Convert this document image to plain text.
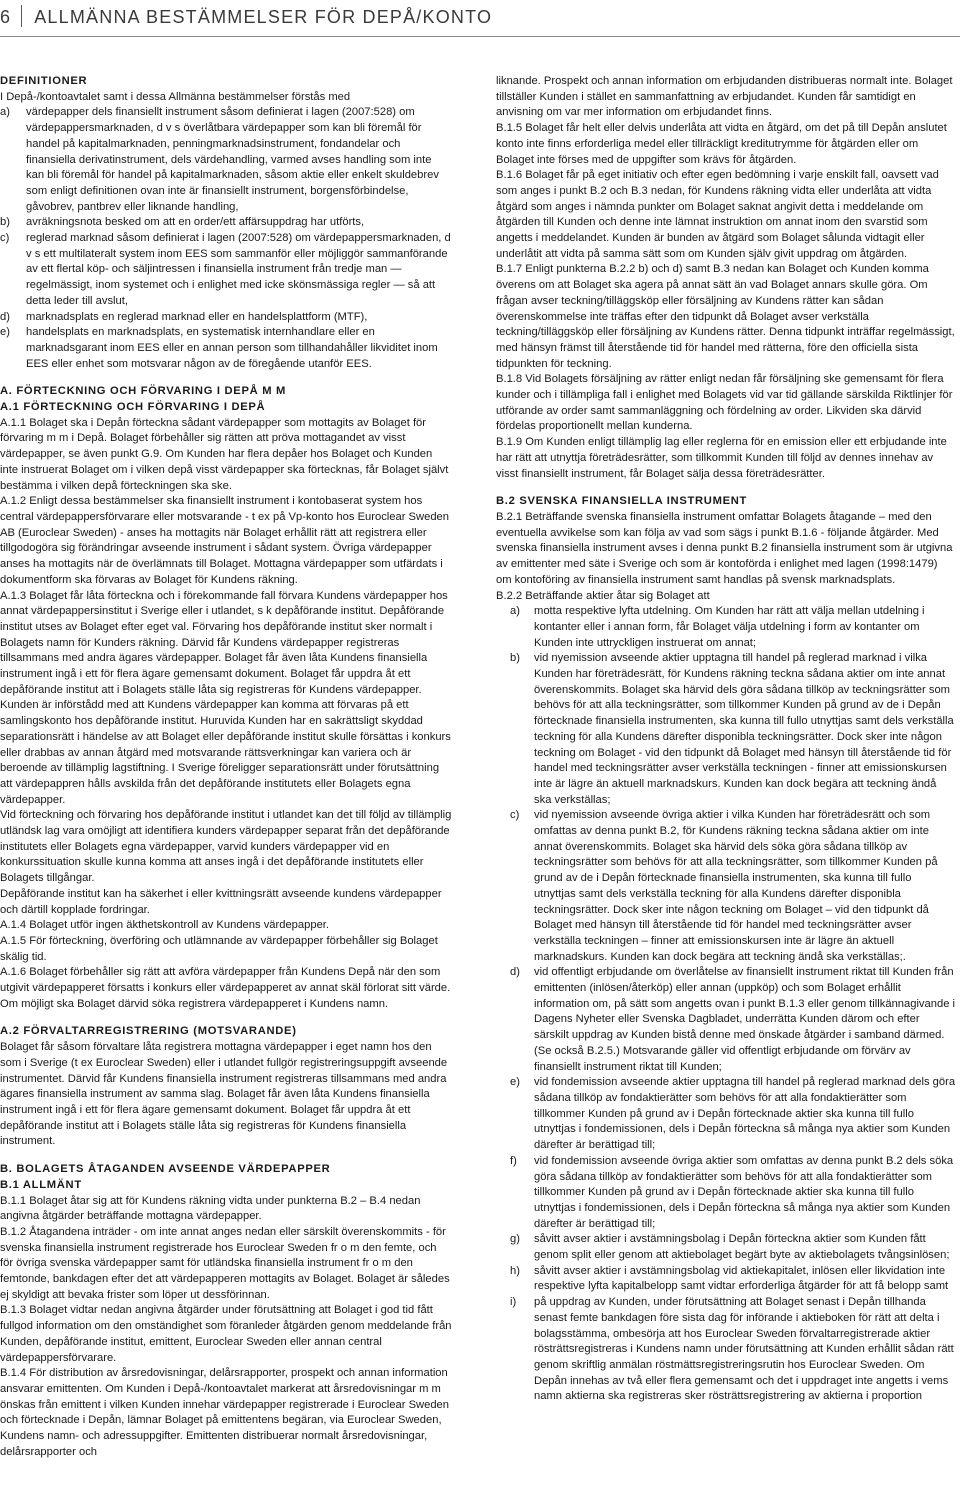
6 ALLMÄNNA BESTÄMMELSER FÖR DEPÅ/KONTO

DEFINITIONER

I Depå-/kontoavtalet samt i dessa Allmänna bestämmelser förstås med

a)	värdepapper dels finansiellt instrument såsom definierat i lagen (2007:528) om värdepappersmarknaden, d v s överlåtbara värdepapper som kan bli föremål för handel på kapitalmarknaden, penningmarknadsinstrument, fondandelar och finansiella derivatinstrument, dels värdehandling, varmed avses handling som inte kan bli föremål för handel på kapitalmarknaden, såsom aktie eller enkelt skuldebrev som enligt definitionen ovan inte är finansiellt instrument, borgensförbindelse, gåvobrev, pantbrev eller liknande handling,
b)	avräkningsnota besked om att en order/ett affärsuppdrag har utförts,
c)	reglerad marknad såsom definierat i lagen (2007:528) om värdepappersmarknaden, d v s ett multilateralt system inom EES som sammanför eller möjliggör sammanförande av ett flertal köp- och säljintressen i finansiella instrument från tredje man — regelmässigt, inom systemet och i enlighet med icke skönsmässiga regler — så att detta leder till avslut,
d)	marknadsplats en reglerad marknad eller en handelsplattform (MTF),
e)	handelsplats en marknadsplats, en systematisk internhandlare eller en marknadsgarant inom EES eller en annan person som tillhandahåller likviditet inom EES eller enhet som motsvarar någon av de föregående utanför EES.

A. FÖRTECKNING OCH FÖRVARING I DEPÅ M M

A.1 FÖRTECKNING OCH FÖRVARING I DEPÅ

A.1.1 Bolaget ska i Depån förteckna sådant värdepapper som mottagits av Bolaget för förvaring m m i Depå. Bolaget förbehåller sig rätten att pröva mottagandet av visst värdepapper, se även punkt G.9. Om Kunden har flera depåer hos Bolaget och Kunden inte instruerat Bolaget om i vilken depå visst värdepapper ska förtecknas, får Bolaget självt bestämma i vilken depå förteckningen ska ske.

A.1.2 Enligt dessa bestämmelser ska finansiellt instrument i kontobaserat system hos central värdepappersförvarare eller motsvarande - t ex på Vp-konto hos Euroclear Sweden AB (Euroclear Sweden) - anses ha mottagits när Bolaget erhållit rätt att registrera eller tillgodogöra sig förändringar avseende instrument i sådant system. Övriga värdepapper anses ha mottagits när de överlämnats till Bolaget. Mottagna värdepapper som utfärdats i dokumentform ska förvaras av Bolaget för Kundens räkning.

A.1.3 Bolaget får låta förteckna och i förekommande fall förvara Kundens värdepapper hos annat värdepappersinstitut i Sverige eller i utlandet, s k depåförande institut. Depåförande institut utses av Bolaget efter eget val. Förvaring hos depåförande institut sker normalt i Bolagets namn för Kunders räkning. Därvid får Kundens värdepapper registreras tillsammans med andra ägares värdepapper. Bolaget får även låta Kundens finansiella instrument ingå i ett för flera ägare gemensamt dokument. Bolaget får uppdra åt ett depåförande institut att i Bolagets ställe låta sig registreras för Kundens värdepapper. Kunden är införstådd med att Kundens värdepapper kan komma att förvaras på ett samlingskonto hos depåförande institut. Huruvida Kunden har en sakrättsligt skyddad separationsrätt i händelse av att Bolaget eller depåförande institut skulle försättas i konkurs eller drabbas av annan åtgärd med motsvarande rättsverkningar kan variera och är beroende av tillämplig lagstiftning. I Sverige föreligger separationsrätt under förutsättning att värdepappren hålls avskilda från det depåförande institutets eller Bolagets egna värdepapper.

Vid förteckning och förvaring hos depåförande institut i utlandet kan det till följd av tillämplig utländsk lag vara omöjligt att identifiera kunders värdepapper separat från det depåförande institutets eller Bolagets egna värdepapper, varvid kunders värdepapper vid en konkurssituation skulle kunna komma att anses ingå i det depåförande institutets eller Bolagets tillgångar.

Depåförande institut kan ha säkerhet i eller kvittningsrätt avseende kundens värdepapper och därtill kopplade fordringar.

A.1.4 Bolaget utför ingen äkthetskontroll av Kundens värdepapper.

A.1.5 För förteckning, överföring och utlämnande av värdepapper förbehåller sig Bolaget skälig tid.

A.1.6 Bolaget förbehåller sig rätt att avföra värdepapper från Kundens Depå när den som utgivit värdepapperet försatts i konkurs eller värdepapperet av annat skäl förlorat sitt värde. Om möjligt ska Bolaget därvid söka registrera värdepapperet i Kundens namn.

A.2 FÖRVALTARREGISTRERING (MOTSVARANDE)

Bolaget får såsom förvaltare låta registrera mottagna värdepapper i eget namn hos den som i Sverige (t ex Euroclear Sweden) eller i utlandet fullgör registreringsuppgift avseende instrumentet. Därvid får Kundens finansiella instrument registreras tillsammans med andra ägares finansiella instrument av samma slag. Bolaget får även låta Kundens finansiella instrument ingå i ett för flera ägare gemensamt dokument. Bolaget får uppdra åt ett depåförande institut att i Bolagets ställe låta sig registreras för Kundens finansiella instrument.

B. BOLAGETS ÅTAGANDEN AVSEENDE VÄRDEPAPPER

B.1 ALLMÄNT

B.1.1 Bolaget åtar sig att för Kundens räkning vidta under punkterna B.2 – B.4 nedan angivna åtgärder beträffande mottagna värdepapper.

B.1.2 Åtagandena inträder - om inte annat anges nedan eller särskilt överenskommits - för svenska finansiella instrument registrerade hos Euroclear Sweden fr o m den femte, och för övriga svenska värdepapper samt för utländska finansiella instrument fr o m den femtonde, bankdagen efter det att värdepapperen mottagits av Bolaget. Bolaget är således ej skyldigt att bevaka frister som löper ut dessförinnan.

B.1.3 Bolaget vidtar nedan angivna åtgärder under förutsättning att Bolaget i god tid fått fullgod information om den omständighet som föranleder åtgärden genom meddelande från Kunden, depåförande institut, emittent, Euroclear Sweden eller annan central värdepappersförvarare.

B.1.4 För distribution av årsredovisningar, delårsrapporter, prospekt och annan information ansvarar emittenten. Om Kunden i Depå-/kontoavtalet markerat att årsredovisningar m m önskas från emittent i vilken Kunden innehar värdepapper registrerade i Euroclear Sweden och förtecknade i Depån, lämnar Bolaget på emittentens begäran, via Euroclear Sweden, Kundens namn- och adressuppgifter. Emittenten distribuerar normalt årsredovisningar, delårsrapporter och

liknande. Prospekt och annan information om erbjudanden distribueras normalt inte. Bolaget tillställer Kunden i stället en sammanfattning av erbjudandet. Kunden får samtidigt en anvisning om var mer information om erbjudandet finns.

B.1.5 Bolaget får helt eller delvis underlåta att vidta en åtgärd, om det på till Depån anslutet konto inte finns erforderliga medel eller tillräckligt kreditutrymme för åtgärden eller om Bolaget inte förses med de uppgifter som krävs för åtgärden.

B.1.6 Bolaget får på eget initiativ och efter egen bedömning i varje enskilt fall, oavsett vad som anges i punkt B.2 och B.3 nedan, för Kundens räkning vidta eller underlåta att vidta åtgärd som anges i nämnda punkter om Bolaget saknat angivit detta i meddelande om åtgärden till Kunden och denne inte lämnat instruktion om annat inom den svarstid som angetts i meddelandet. Kunden är bunden av åtgärd som Bolaget sålunda vidtagit eller underlåtit att vidta på samma sätt som om Kunden själv givit uppdrag om åtgärden.

B.1.7 Enligt punkterna B.2.2 b) och d) samt B.3 nedan kan Bolaget och Kunden komma överens om att Bolaget ska agera på annat sätt än vad Bolaget annars skulle göra. Om frågan avser teckning/tilläggsköp eller försäljning av Kundens rätter kan sådan överenskommelse inte träffas efter den tidpunkt då Bolaget avser verkställa teckning/tilläggsköp eller försäljning av Kundens rätter. Denna tidpunkt inträffar regelmässigt, med hänsyn främst till återstående tid för handel med rätterna, före den officiella sista tidpunkten för teckning.

B.1.8 Vid Bolagets försäljning av rätter enligt nedan får försäljning ske gemensamt för flera kunder och i tillämpliga fall i enlighet med Bolagets vid var tid gällande särskilda Riktlinjer för utförande av order samt sammanläggning och fördelning av order. Likviden ska därvid fördelas proportionellt mellan kunderna.

B.1.9 Om Kunden enligt tillämplig lag eller reglerna för en emission eller ett erbjudande inte har rätt att utnyttja företrädesrätter, som tillkommit Kunden till följd av dennes innehav av visst finansiellt instrument, får Bolaget sälja dessa företrädesrätter.

B.2 SVENSKA FINANSIELLA INSTRUMENT

B.2.1 Beträffande svenska finansiella instrument omfattar Bolagets åtagande – med den eventuella avvikelse som kan följa av vad som sägs i punkt B.1.6 - följande åtgärder. Med svenska finansiella instrument avses i denna punkt B.2 finansiella instrument som är utgivna av emittenter med säte i Sverige och som är kontoförda i enlighet med lagen (1998:1479) om kontoföring av finansiella instrument samt handlas på svensk marknadsplats.

B.2.2 Beträffande aktier åtar sig Bolaget att

a)	motta respektive lyfta utdelning. Om Kunden har rätt att välja mellan utdelning i kontanter eller i annan form, får Bolaget välja utdelning i form av kontanter om Kunden inte uttryckligen instruerat om annat;
b)	vid nyemission avseende aktier upptagna till handel på reglerad marknad i vilka Kunden har företrädesrätt, för Kundens räkning teckna sådana aktier om inte annat överenskommits. Bolaget ska härvid dels göra sådana tillköp av teckningsrätter som behövs för att alla teckningsrätter, som tillkommer Kunden på grund av de i Depån förtecknade finansiella instrumenten, ska kunna till fullo utnyttjas samt dels verkställa teckning för alla Kundens därefter disponibla teckningsrätter. Dock sker inte någon teckning om Bolaget - vid den tidpunkt då Bolaget med hänsyn till återstående tid för handel med teckningsrätter avser verkställa teckningen - finner att emissionskursen inte är lägre än aktuell marknadskurs. Kunden kan dock begära att teckning ändå ska verkställas;
c)	vid nyemission avseende övriga aktier i vilka Kunden har företrädesrätt och som omfattas av denna punkt B.2, för Kundens räkning teckna sådana aktier om inte annat överenskommits. Bolaget ska härvid dels söka göra sådana tillköp av teckningsrätter som behövs för att alla teckningsrätter, som tillkommer Kunden på grund av de i Depån förtecknade finansiella instrumenten, ska kunna till fullo utnyttjas samt dels verkställa teckning för alla Kundens därefter disponibla teckningsrätter. Dock sker inte någon teckning om Bolaget – vid den tidpunkt då Bolaget med hänsyn till återstående tid för handel med teckningsrätter avser verkställa teckningen – finner att emissionskursen inte är lägre än aktuell marknadskurs. Kunden kan dock begära att teckning ändå ska verkställas;.
d)	vid offentligt erbjudande om överlåtelse av finansiellt instrument riktat till Kunden från emittenten (inlösen/återköp) eller annan (uppköp) och som Bolaget erhållit information om, på sätt som angetts ovan i punkt B.1.3 eller genom tillkännagivande i Dagens Nyheter eller Svenska Dagbladet, underrätta Kunden därom och efter särskilt uppdrag av Kunden bistå denne med önskade åtgärder i samband därmed. (Se också B.2.5.) Motsvarande gäller vid offentligt erbjudande om förvärv av finansiellt instrument riktat till Kunden;
e)	vid fondemission avseende aktier upptagna till handel på reglerad marknad dels göra sådana tillköp av fondaktierätter som behövs för att alla fondaktierätter som tillkommer Kunden på grund av i Depån förtecknade aktier ska kunna till fullo utnyttjas i fondemissionen, dels i Depån förteckna så många nya aktier som Kunden därefter är berättigad till;
f)	vid fondemission avseende övriga aktier som omfattas av denna punkt B.2 dels söka göra sådana tillköp av fondaktierätter som behövs för att alla fondaktierätter som tillkommer Kunden på grund av i Depån förtecknade aktier ska kunna till fullo utnyttjas i fondemissionen, dels i Depån förteckna så många nya aktier som Kunden därefter är berättigad till;
g)	såvitt avser aktier i avstämningsbolag i Depån förteckna aktier som Kunden fått genom split eller genom att aktiebolaget begärt byte av aktiebolagets tvångsinlösen;
h)	såvitt avser aktier i avstämningsbolag vid aktiekapitalet, inlösen eller likvidation inte respektive lyfta kapitalbelopp samt vidtar erforderliga åtgärder för att få belopp samt
i)	på uppdrag av Kunden, under förutsättning att Bolaget senast i Depån tillhanda senast femte bankdagen före sista dag för införande i aktieboken för rätt att delta i bolagsstämma, ombesörja att hos Euroclear Sweden förvaltarregistrerade aktier rösträttsregistreras i Kundens namn under förutsättning att Kunden erhållit sådan rätt genom skriftlig anmälan röstmättsregistreringsrutin hos Euroclear Sweden. Om Depån innehas av två eller flera gemensamt och det i uppdraget inte angetts i vems namn aktierna ska registreras sker rösträttsregistrering av aktierna i proportion
